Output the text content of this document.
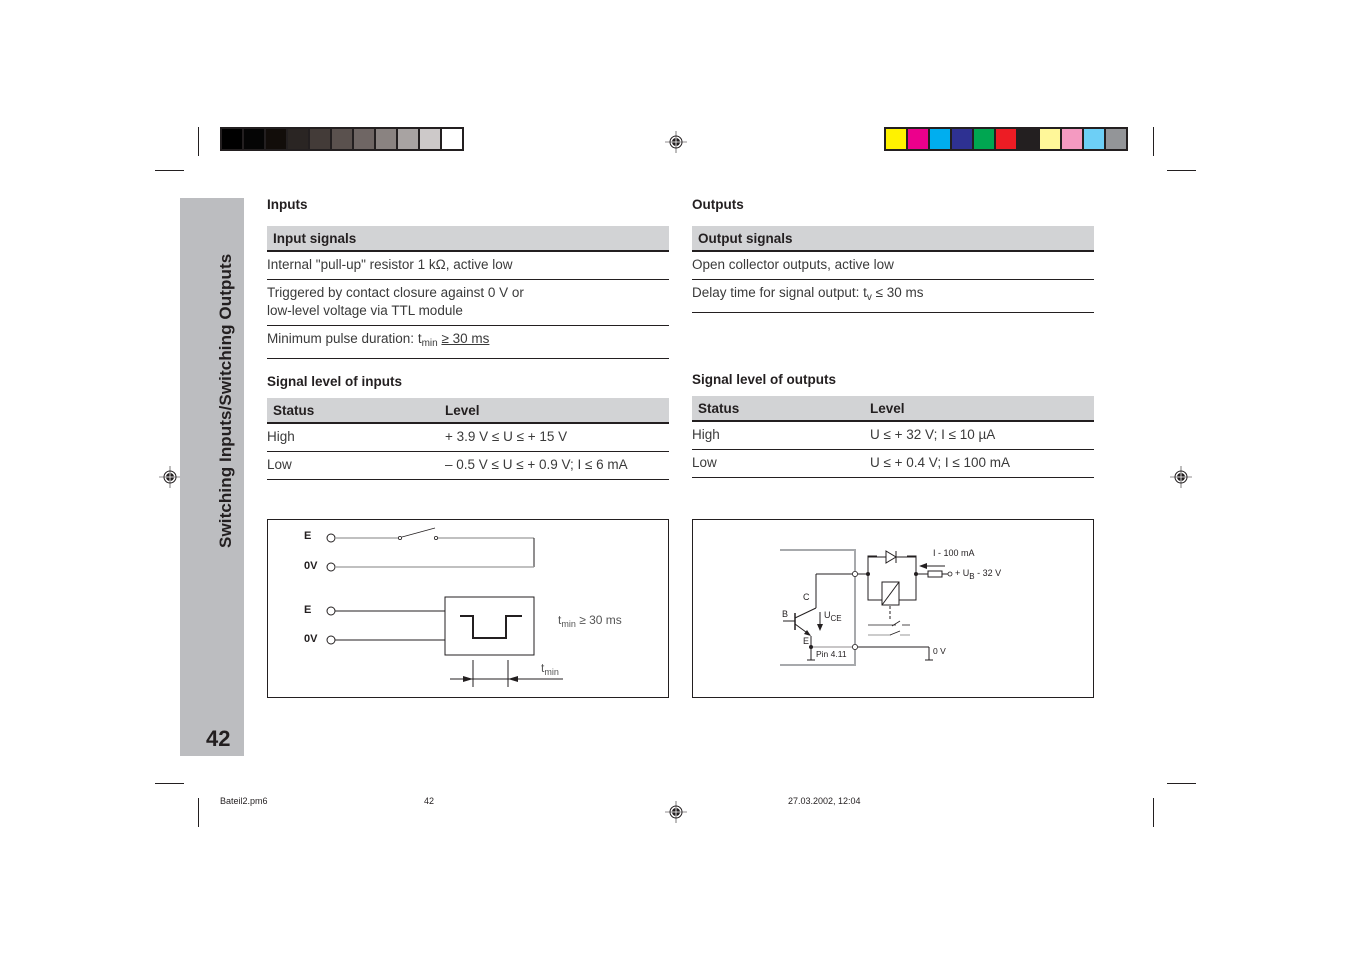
Switching Inputs/Switching Outputs
42
Inputs
Input signals
Internal "pull-up" resistor 1 kΩ, active low
Triggered by contact closure against 0 V or
low-level voltage via TTL module
Minimum pulse duration: $t_{min} \ge 30$ ms
Signal level of inputs
Status	Level
High	+ 3.9 V ≤ U ≤ + 15 V
Low	– 0.5 V ≤ U ≤ + 0.9 V; I ≤ 6 mA
E
0V
E
0V
$t_{min} \ge 30$ ms
$t_{min}$
Outputs
Output signals
Open collector outputs, active low
Delay time for signal output: $t_v \le 30$ ms
Signal level of outputs
Status	Level
High	U ≤ + 32 V; I ≤ 10 µA
Low	U ≤ + 0.4 V; I ≤ 100 mA
I - 100 mA
+ $U_B - 32$ V
C
B
E
$U_{CE}$
Pin 4.11	0 V
Bateil2.pm6	42	27.03.2002, 12:04
